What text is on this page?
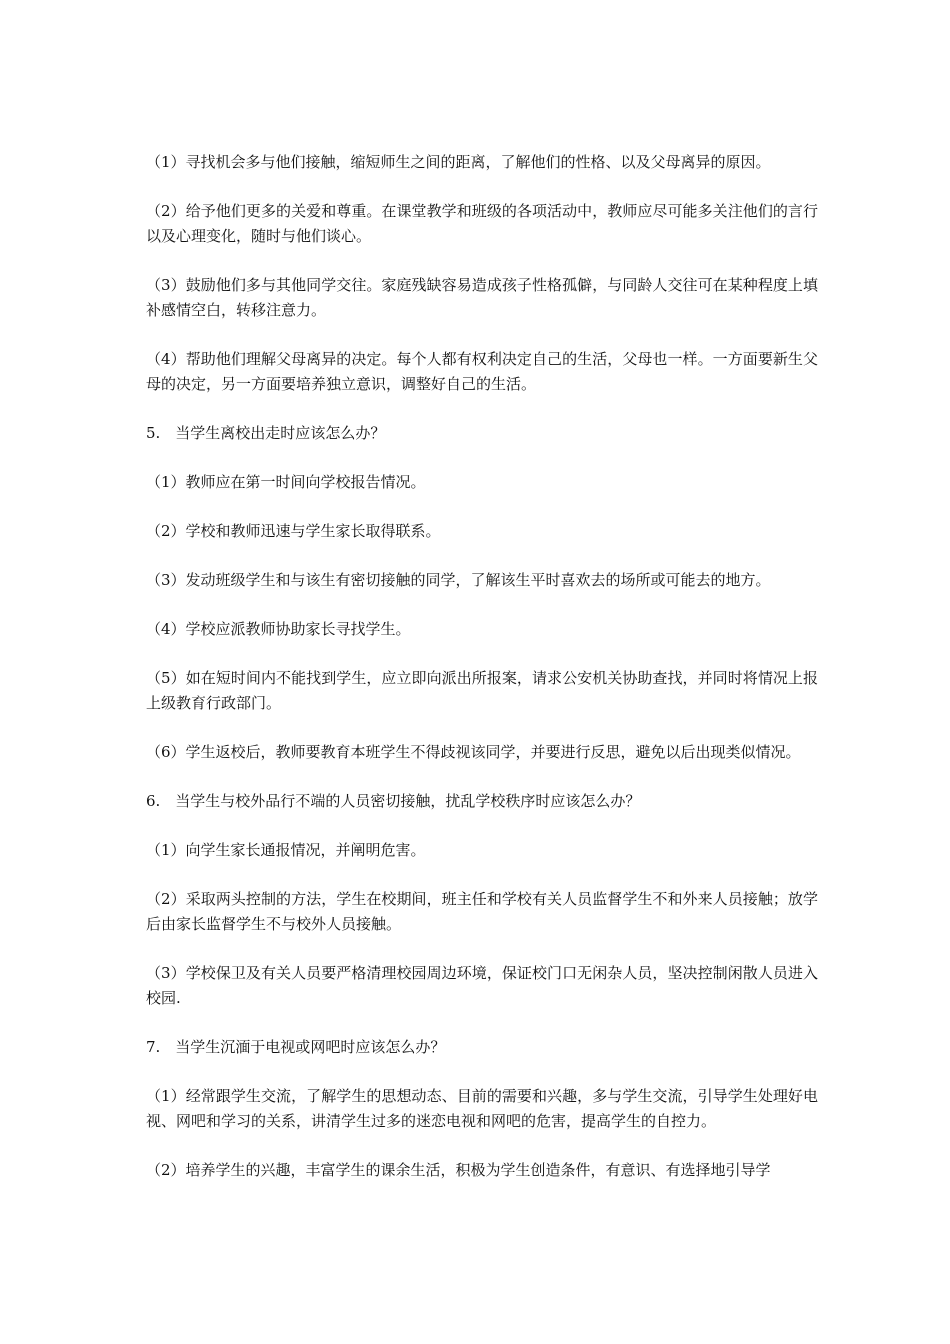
（1）寻找机会多与他们接触，缩短师生之间的距离，了解他们的性格、以及父母离异的原因。

（2）给予他们更多的关爱和尊重。在课堂教学和班级的各项活动中，教师应尽可能多关注他们的言行以及心理变化，随时与他们谈心。

（3）鼓励他们多与其他同学交往。家庭残缺容易造成孩子性格孤僻，与同龄人交往可在某种程度上填补感情空白，转移注意力。

（4）帮助他们理解父母离异的决定。每个人都有权利决定自己的生活，父母也一样。一方面要新生父母的决定，另一方面要培养独立意识，调整好自己的生活。

5.　当学生离校出走时应该怎么办？

（1）教师应在第一时间向学校报告情况。

（2）学校和教师迅速与学生家长取得联系。

（3）发动班级学生和与该生有密切接触的同学，了解该生平时喜欢去的场所或可能去的地方。

（4）学校应派教师协助家长寻找学生。

（5）如在短时间内不能找到学生，应立即向派出所报案，请求公安机关协助查找，并同时将情况上报上级教育行政部门。

（6）学生返校后，教师要教育本班学生不得歧视该同学，并要进行反思，避免以后出现类似情况。

6.　当学生与校外品行不端的人员密切接触，扰乱学校秩序时应该怎么办？

（1）向学生家长通报情况，并阐明危害。

（2）采取两头控制的方法，学生在校期间，班主任和学校有关人员监督学生不和外来人员接触；放学后由家长监督学生不与校外人员接触。

（3）学校保卫及有关人员要严格清理校园周边环境，保证校门口无闲杂人员，坚决控制闲散人员进入校园.

7.　当学生沉湎于电视或网吧时应该怎么办？

（1）经常跟学生交流，了解学生的思想动态、目前的需要和兴趣，多与学生交流，引导学生处理好电视、网吧和学习的关系，讲清学生过多的迷恋电视和网吧的危害，提高学生的自控力。

（2）培养学生的兴趣，丰富学生的课余生活，积极为学生创造条件，有意识、有选择地引导学
